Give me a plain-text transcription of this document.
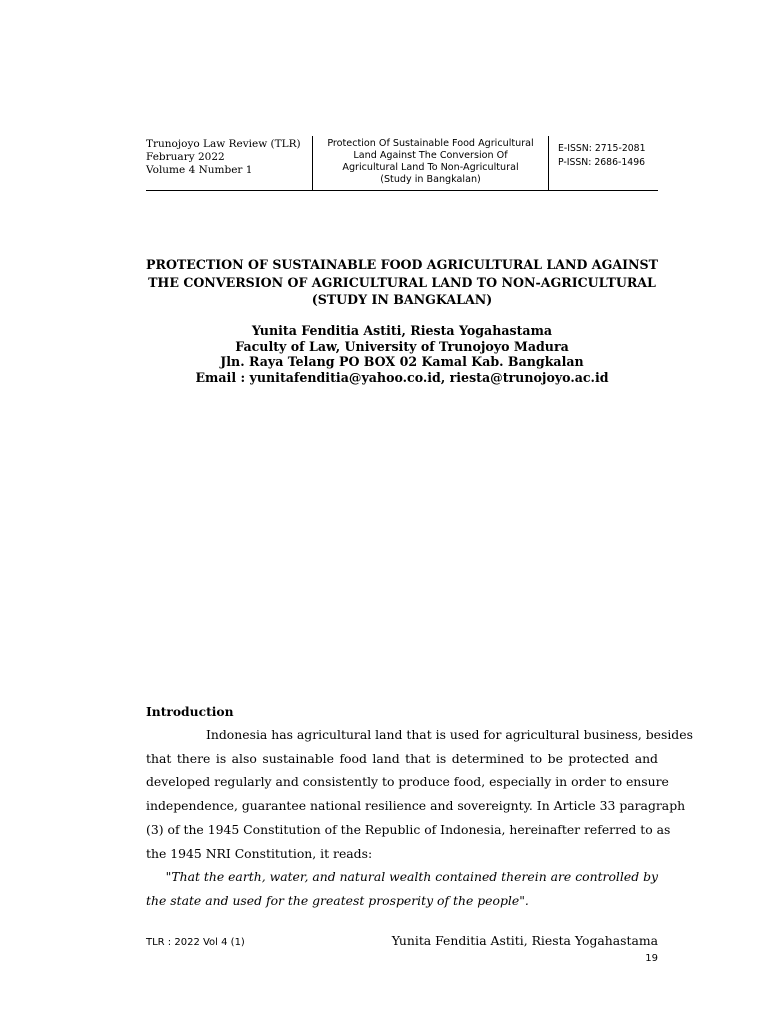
Trunojoyo Law Review (TLR)
February 2022
Volume 4 Number 1
Protection Of Sustainable Food Agricultural
Land Against The Conversion Of
Agricultural Land To Non-Agricultural
(Study in Bangkalan)
E-ISSN: 2715-2081
P-ISSN: 2686-1496
PROTECTION OF SUSTAINABLE FOOD AGRICULTURAL LAND AGAINST
THE CONVERSION OF AGRICULTURAL LAND TO NON-AGRICULTURAL
(STUDY IN BANGKALAN)
Yunita Fenditia Astiti, Riesta Yogahastama
Faculty of Law, University of Trunojoyo Madura
Jln. Raya Telang PO BOX 02 Kamal Kab. Bangkalan
Email : yunitafenditia@yahoo.co.id, riesta@trunojoyo.ac.id
Introduction
Indonesia has agricultural land that is used for agricultural business, besides
that there is also sustainable food land that is determined to be protected and
developed regularly and consistently to produce food, especially in order to ensure
independence, guarantee national resilience and sovereignty. In Article 33 paragraph
(3) of the 1945 Constitution of the Republic of Indonesia, hereinafter referred to as
the 1945 NRI Constitution, it reads:
"That the earth, water, and natural wealth contained therein are controlled by
the state and used for the greatest prosperity of the people".
TLR : 2022 Vol 4 (1)	Yunita Fenditia Astiti, Riesta Yogahastama
19
